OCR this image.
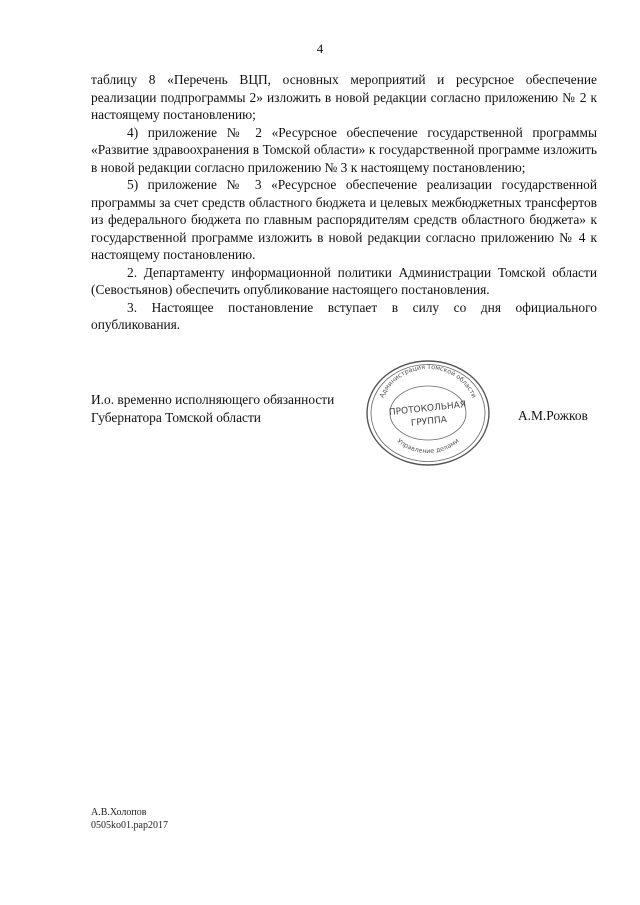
4

таблицу 8 «Перечень ВЦП, основных мероприятий и ресурсное обеспечение реализации подпрограммы 2» изложить в новой редакции согласно приложению № 2 к настоящему постановлению;

4) приложение № 2 «Ресурсное обеспечение государственной программы «Развитие здравоохранения в Томской области» к государственной программе изложить в новой редакции согласно приложению № 3 к настоящему постановлению;

5) приложение № 3 «Ресурсное обеспечение реализации государственной программы за счет средств областного бюджета и целевых межбюджетных трансфертов из федерального бюджета по главным распорядителям средств областного бюджета» к государственной программе изложить в новой редакции согласно приложению № 4 к настоящему постановлению.

2. Департаменту информационной политики Администрации Томской области (Севостьянов) обеспечить опубликование настоящего постановления.

3. Настоящее постановление вступает в силу со дня официального опубликования.

И.о. временно исполняющего обязанности
Губернатора Томской области
Администрация Томской области
Управление делами
ПРОТОКОЛЬНАЯ
ГРУППА	А.М.Рожков
А.В.Холопов
0505ko01.pap2017
